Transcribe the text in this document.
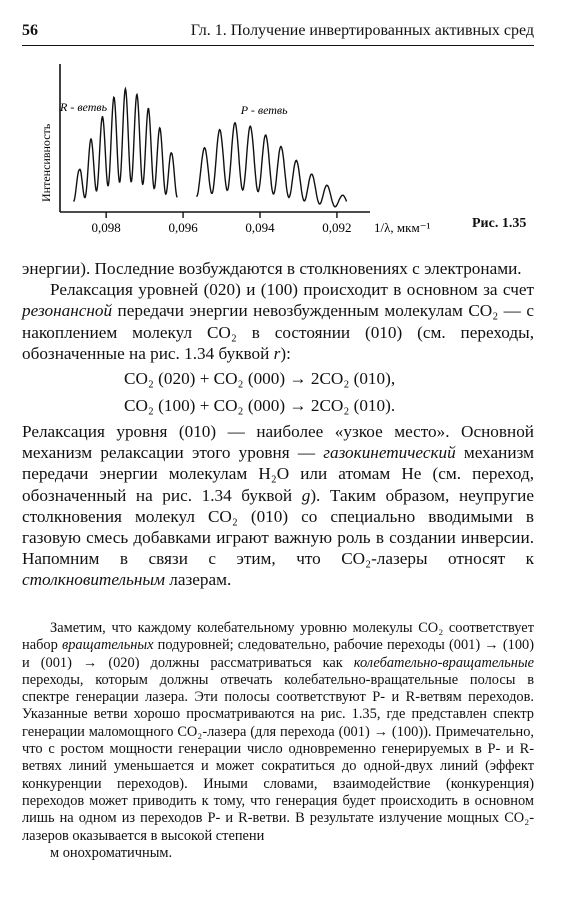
56	Гл. 1. Получение инвертированных активных сред
0,098	0,096	0,094	0,092 1/λ, мкм⁻¹
Интенсивность
R - ветвь	P - ветвь
Рис. 1.35

энергии). Последние возбуждаются в столкновениях с электронами.

Релаксация уровней (020) и (100) происходит в основном за счет резонансной передачи энергии невозбужденным молекулам CO₂ — с накоплением молекул CO₂ в состоянии (010) (см. переходы, обозначенные на рис. 1.34 буквой r):

CO₂ (020) + CO₂ (000) → 2CO₂ (010),
CO₂ (100) + CO₂ (000) → 2CO₂ (010).

Релаксация уровня (010) — наиболее «узкое место». Основной механизм релаксации этого уровня — газокинетический механизм передачи энергии молекулам H₂O или атомам He (см. переход, обозначенный на рис. 1.34 буквой g). Таким образом, неупругие столкновения молекул CO₂ (010) со специально вводимыми в газовую смесь добавками играют важную роль в создании инверсии. Напомним в связи с этим, что CO₂-лазеры относят к столкновительным лазерам.

Заметим, что каждому колебательному уровню молекулы CO₂ соответствует набор вращательных подуровней; следовательно, рабочие переходы (001) → (100) и (001) → (020) должны рассматриваться как колебательно-вращательные переходы, которым должны отвечать колебательно-вращательные полосы в спектре генерации лазера. Эти полосы соответствуют P- и R-ветвям переходов. Указанные ветви хорошо просматриваются на рис. 1.35, где представлен спектр генерации маломощного CO₂-лазера (для перехода (001) → (100)). Примечательно, что с ростом мощности генерации число одновременно генерируемых в P- и R-ветвях линий уменьшается и может сократиться до одной-двух линий (эффект конкуренции переходов). Иными словами, взаимодействие (конкуренция) переходов может приводить к тому, что генерация будет происходить в основном лишь на одном из переходов P- и R-ветви. В результате излучение мощных CO₂-лазеров оказывается в высокой степени
м онохроматичным.
